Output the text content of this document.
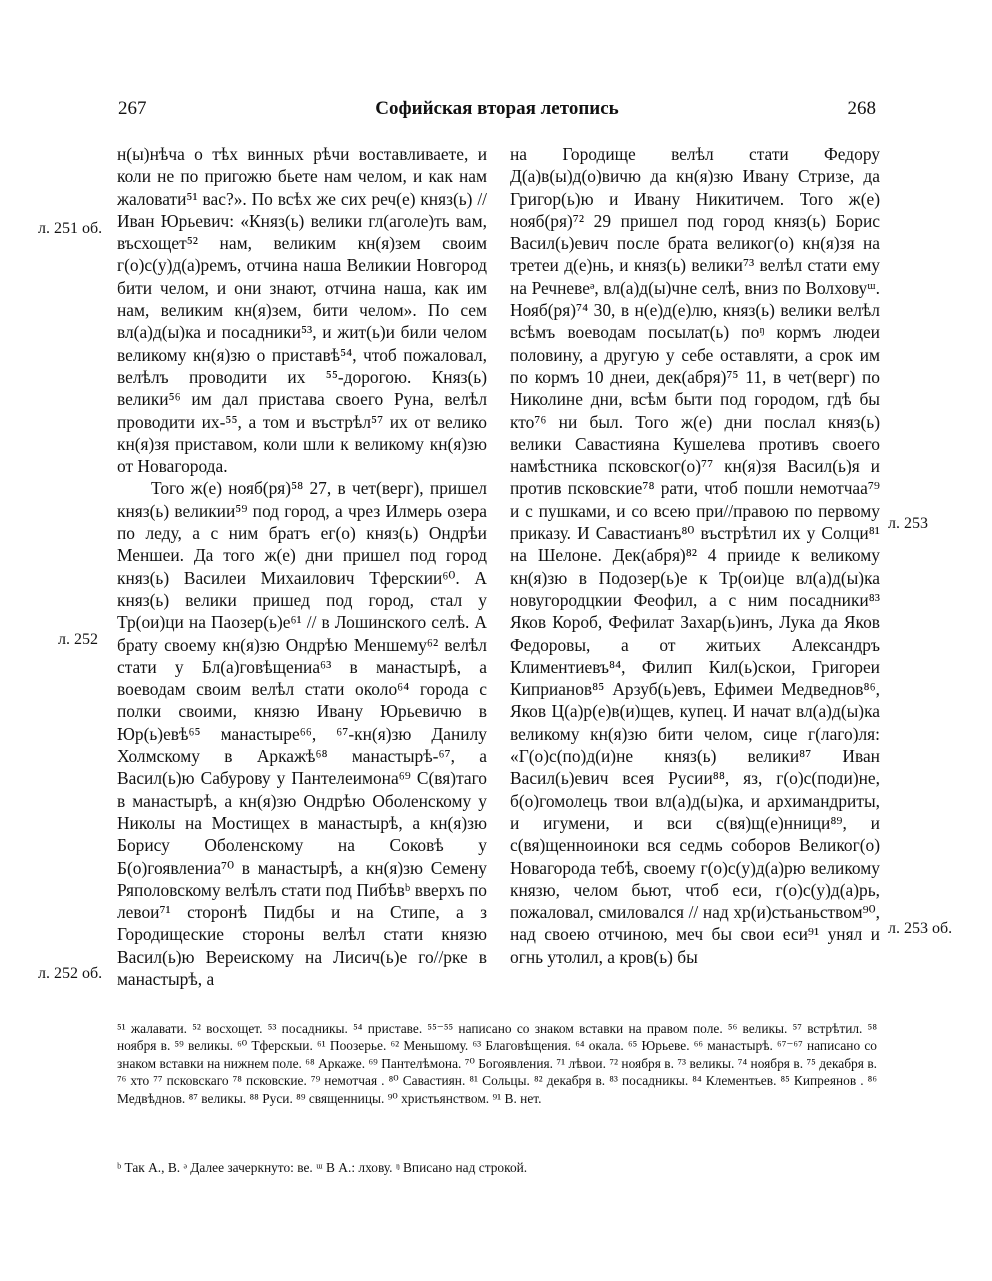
267	Софийская вторая летопись	268
л. 251 об.
л. 252
л. 252 об.
л. 253
л. 253 об.

н(ы)нѣча о тѣх винных рѣчи воставливаете, и коли не по пригожю бьете нам челом, и как нам жаловати⁵¹ вас?». По всѣх же сих реч(е) княз(ь) // Иван Юрьевич: «Княз(ь) велики гл(аголе)ть вам, въсхощет⁵² нам, великим кн(я)зем своим г(о)с(у)д(а)ремъ, отчина наша Великии Новгород бити челом, и они знают, отчина наша, как им нам, великим кн(я)зем, бити челом». По сем вл(а)д(ы)ка и посадники⁵³, и жит(ь)и били челом великому кн(я)зю о приставѣ⁵⁴, чтоб пожаловал, велѣлъ проводити их ⁵⁵-дорогою. Княз(ь) велики⁵⁶ им дал пристава своего Руна, велѣл проводити их-⁵⁵, а том и въстрѣл⁵⁷ их от велико кн(я)зя приставом, коли шли к великому кн(я)зю от Новагорода.

Того ж(е) нояб(ря)⁵⁸ 27, в чет(верг), пришел княз(ь) великии⁵⁹ под город, а чрез Илмерь озера по леду, а с ним братъ ег(о) княз(ь) Ондрѣи Меншеи. Да того ж(е) дни пришел под город княз(ь) Василеи Михаилович Тферскии⁶⁰. А княз(ь) велики пришед под город, стал у Тр(ои)ци на Паозер(ь)е⁶¹ // в Лошинского селѣ. А брату своему кн(я)зю Ондрѣю Меншему⁶² велѣл стати у Бл(а)говѣщениа⁶³ в манастырѣ, а воеводам своим велѣл стати около⁶⁴ города с полки своими, князю Ивану Юрьевичю в Юр(ь)евѣ⁶⁵ манастыре⁶⁶, ⁶⁷-кн(я)зю Данилу Холмскому в Аркажѣ⁶⁸ манастырѣ-⁶⁷, а Васил(ь)ю Сабурову у Пантелеимона⁶⁹ С(вя)таго в манастырѣ, а кн(я)зю Ондрѣю Оболенскому у Николы на Мостищех в манастырѣ, а кн(я)зю Борису Оболенскому на Соковѣ у Б(о)гоявлениа⁷⁰ в манастырѣ, а кн(я)зю Семену Ряполовскому велѣлъ стати под Пибѣвᵇ вверхъ по левои⁷¹ сторонѣ Пидбы и на Стипе, а з Городищеские стороны велѣл стати князю Васил(ь)ю Вереискому на Лисич(ь)е го//рке в манастырѣ, а

на Городище велѣл стати Федору Д(а)в(ы)д(о)вичю да кн(я)зю Ивану Стризе, да Григор(ь)ю и Ивану Никитичем. Того ж(е) нояб(ря)⁷² 29 пришел под город княз(ь) Борис Васил(ь)евич после брата великог(о) кн(я)зя на третеи д(е)нь, и княз(ь) велики⁷³ велѣл стати ему на Речневеᵊ, вл(а)д(ы)чне селѣ, вниз по Волховуᵚ. Нояб(ря)⁷⁴ 30, в н(е)д(е)лю, княз(ь) велики велѣл всѣмъ воеводам посылат(ь) поᵑ кормъ людеи половину, а другую у себе оставляти, а срок им по кормъ 10 днеи, дек(абря)⁷⁵ 11, в чет(верг) по Николине дни, всѣм быти под городом, гдѣ бы кто⁷⁶ ни был. Того ж(е) дни послал княз(ь) велики Савастияна Кушелева противъ своего намѣстника псковског(о)⁷⁷ кн(я)зя Васил(ь)я и против псковские⁷⁸ рати, чтоб пошли немотчаа⁷⁹ и с пушками, и со всею при//правою по первому приказу. И Савастианъ⁸⁰ въстрѣтил их у Солци⁸¹ на Шелоне. Дек(абря)⁸² 4 прииде к великому кн(я)зю в Подозер(ь)е к Тр(ои)це вл(а)д(ы)ка новугородцкии Феофил, а с ним посадники⁸³ Яков Короб, Фефилат Захар(ь)инъ, Лука да Яков Федоровы, а от житьих Александръ Климентиевъ⁸⁴, Филип Кил(ь)скои, Григореи Киприанов⁸⁵ Арзуб(ь)евъ, Ефимеи Медведнов⁸⁶, Яков Ц(а)р(е)в(и)щев, купец. И начат вл(а)д(ы)ка великому кн(я)зю бити челом, сице г(лаго)ля: «Г(о)с(по)д(и)не княз(ь) велики⁸⁷ Иван Васил(ь)евич всея Русии⁸⁸, яз, г(о)с(поди)не, б(о)гомолець твои вл(а)д(ы)ка, и архимандриты, и игумени, и вси с(вя)щ(е)нници⁸⁹, и с(вя)щенноиноки вся седмь соборов Великог(о) Новагорода тебѣ, своему г(о)с(у)д(а)рю великому князю, челом бьют, чтоб еси, г(о)с(у)д(а)рь, пожаловал, смиловался // над хр(и)стьаньством⁹⁰, над своею отчиною, меч бы свои еси⁹¹ унял и огнь утолил, а кров(ь) бы

⁵¹ жалавати. ⁵² восхощет. ⁵³ посадникы. ⁵⁴ приставе. ⁵⁵⁻⁵⁵ написано со знаком вставки на правом поле. ⁵⁶ великы. ⁵⁷ встрѣтил. ⁵⁸ ноября в. ⁵⁹ великы. ⁶⁰ Тферскыи. ⁶¹ Поозерье. ⁶² Меньшому. ⁶³ Благовѣщения. ⁶⁴ окала. ⁶⁵ Юрьеве. ⁶⁶ манастырѣ. ⁶⁷⁻⁶⁷ написано со знаком вставки на нижнем поле. ⁶⁸ Аркаже. ⁶⁹ Пантелѣмона. ⁷⁰ Богоявления. ⁷¹ лѣвои. ⁷² ноября в. ⁷³ великы. ⁷⁴ ноября в. ⁷⁵ декабря в. ⁷⁶ хто ⁷⁷ псковскаго ⁷⁸ псковские. ⁷⁹ немотчая . ⁸⁰ Савастиян. ⁸¹ Сольцы. ⁸² декабря в. ⁸³ посадникы. ⁸⁴ Клементьев. ⁸⁵ Кипреянов . ⁸⁶ Медвѣднов. ⁸⁷ великы. ⁸⁸ Руси. ⁸⁹ священницы. ⁹⁰ христьянством. ⁹¹ В. нет.

ᵇ Так А., В. ᵊ Далее зачеркнуто: ве. ᵚ В А.: лхову. ᵑ Вписано над строкой.
